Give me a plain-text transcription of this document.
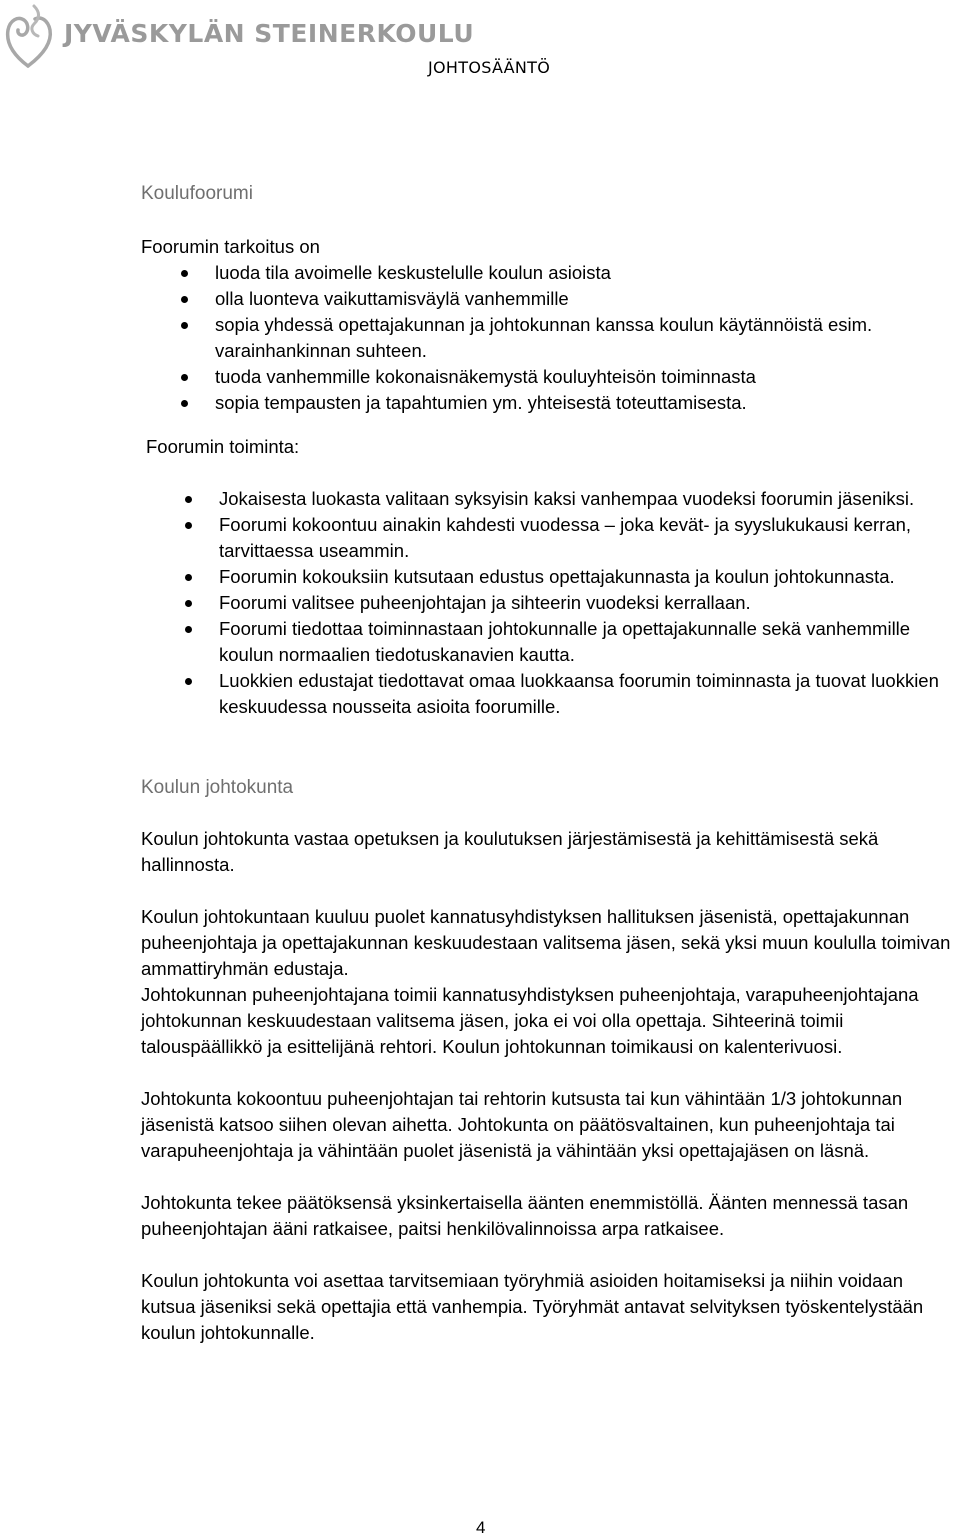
JYVÄSKYLÄN STEINERKOULU
JOHTOSÄÄNTÖ
Koulufoorumi

Foorumin tarkoitus on

luoda tila avoimelle keskustelulle koulun asioista
olla luonteva vaikuttamisväylä vanhemmille
sopia yhdessä opettajakunnan ja johtokunnan kanssa koulun käytännöistä esim. varainhankinnan suhteen.
tuoda vanhemmille kokonaisnäkemystä kouluyhteisön toiminnasta
sopia tempausten ja tapahtumien ym. yhteisestä toteuttamisesta.

Foorumin toiminta:

Jokaisesta luokasta valitaan syksyisin kaksi vanhempaa vuodeksi foorumin jäseniksi.
Foorumi kokoontuu ainakin kahdesti vuodessa – joka kevät- ja syyslukukausi kerran, tarvittaessa useammin.
Foorumin kokouksiin kutsutaan edustus opettajakunnasta ja koulun johtokunnasta.
Foorumi valitsee puheenjohtajan ja sihteerin vuodeksi kerrallaan.
Foorumi tiedottaa toiminnastaan johtokunnalle ja opettajakunnalle sekä vanhemmille koulun normaalien tiedotuskanavien kautta.
Luokkien edustajat tiedottavat omaa luokkaansa foorumin toiminnasta ja tuovat luokkien keskuudessa nousseita asioita foorumille.
Koulun johtokunta

Koulun johtokunta vastaa opetuksen ja koulutuksen järjestämisestä ja kehittämisestä sekä hallinnosta.

Koulun johtokuntaan kuuluu puolet kannatusyhdistyksen hallituksen jäsenistä, opettajakunnan puheenjohtaja ja opettajakunnan keskuudestaan valitsema jäsen, sekä yksi muun koululla toimivan ammattiryhmän edustaja.

Johtokunnan puheenjohtajana toimii kannatusyhdistyksen puheenjohtaja, varapuheenjohtajana johtokunnan keskuudestaan valitsema jäsen, joka ei voi olla opettaja. Sihteerinä toimii talouspäällikkö ja esittelijänä rehtori. Koulun johtokunnan toimikausi on kalenterivuosi.

Johtokunta kokoontuu puheenjohtajan tai rehtorin kutsusta tai kun vähintään 1/3 johtokunnan jäsenistä katsoo siihen olevan aihetta. Johtokunta on päätösvaltainen, kun puheenjohtaja tai varapuheenjohtaja ja vähintään puolet jäsenistä ja vähintään yksi opettajajäsen on läsnä.

Johtokunta tekee päätöksensä yksinkertaisella äänten enemmistöllä. Äänten mennessä tasan puheenjohtajan ääni ratkaisee, paitsi henkilövalinnoissa arpa ratkaisee.

Koulun johtokunta voi asettaa tarvitsemiaan työryhmiä asioiden hoitamiseksi ja niihin voidaan kutsua jäseniksi sekä opettajia että vanhempia. Työryhmät antavat selvityksen työskentelystään koulun johtokunnalle.

4
